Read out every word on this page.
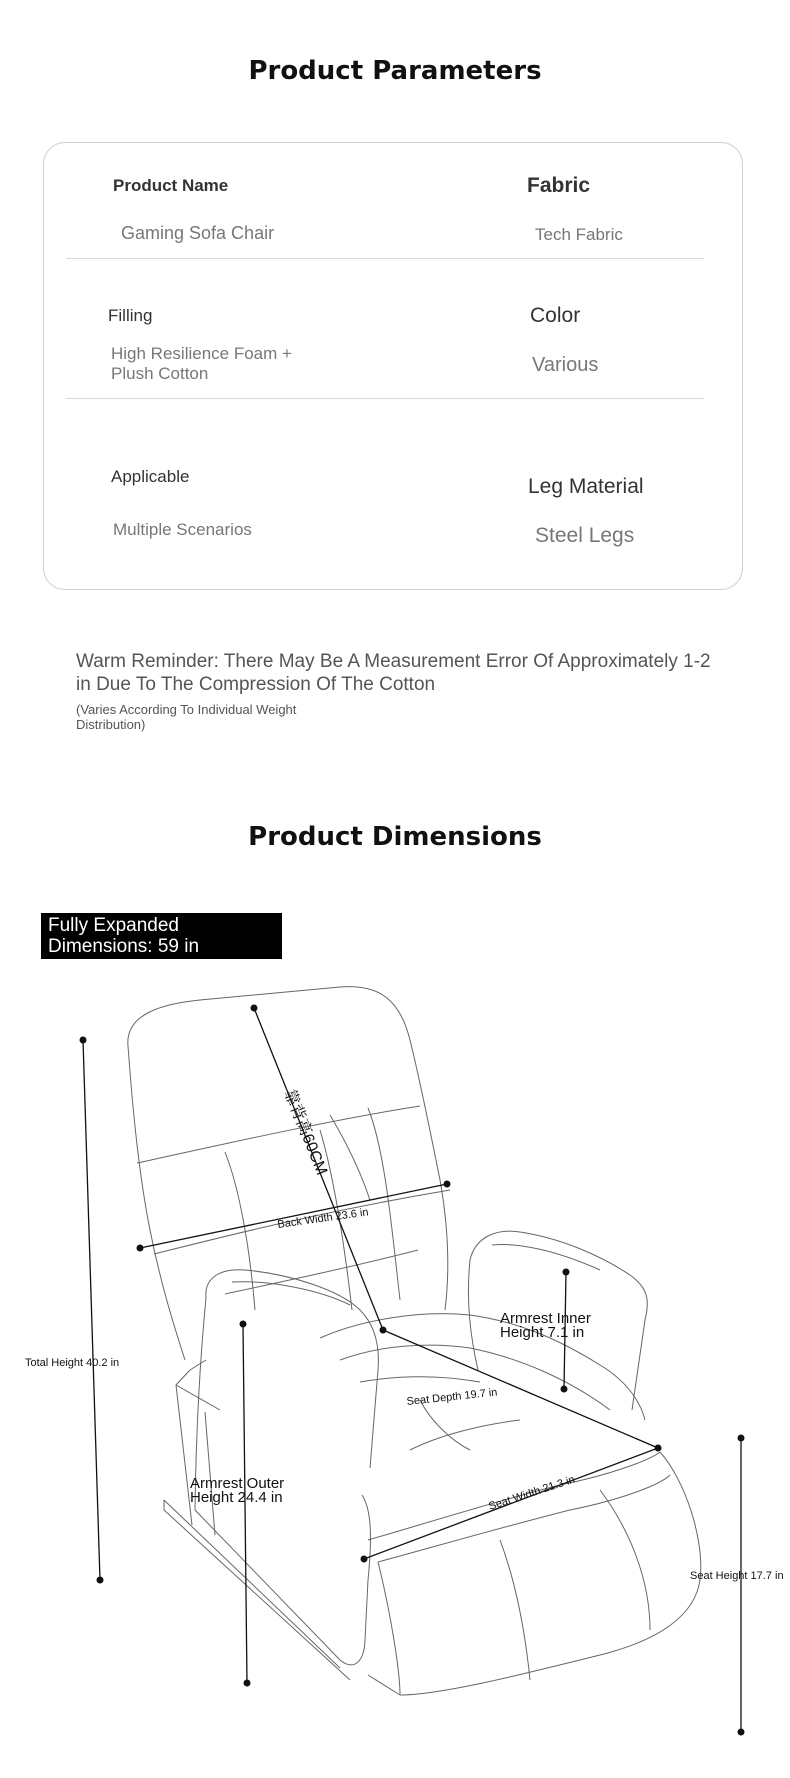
Product Parameters
Product Name
Gaming Sofa Chair
Fabric
Tech Fabric
Filling
High Resilience Foam +
Plush Cotton
Color
Various
Applicable
Multiple Scenarios
Leg Material
Steel Legs
Warm Reminder: There May Be A Measurement Error Of Approximately 1-2 in Due To The Compression Of The Cotton
(Varies According To Individual Weight Distribution)
Product Dimensions
Fully Expanded
Dimensions: 59 in
靠背高60CM
Back Width 23.6 in
Total Height 40.2 in
Armrest Inner
Height 7.1 in
Seat Depth 19.7 in
Armrest Outer
Height 24.4 in	Seat Width 21.3 in
Seat Height 17.7 in
